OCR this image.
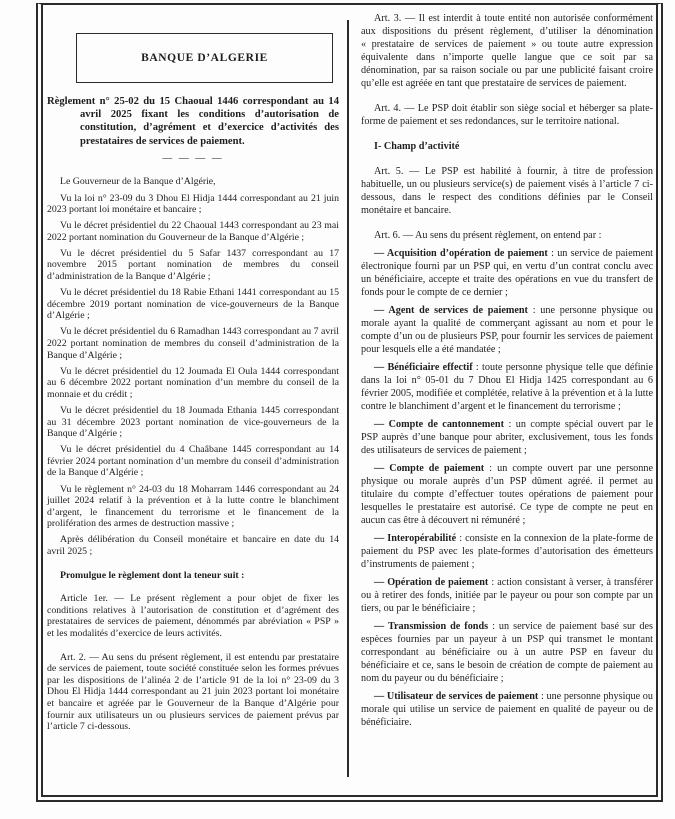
BANQUE D’ALGERIE
Règlement n° 25-02 du 15 Chaoual 1446 correspondant au 14 avril 2025 fixant les conditions d’autorisation de constitution, d’agrément et d’exercice d’activités des prestataires de services de paiement.
— — — —

Le Gouverneur de la Banque d’Algérie,

Vu la loi n° 23-09 du 3 Dhou El Hidja 1444 correspondant au 21 juin 2023 portant loi monétaire et bancaire ;

Vu le décret présidentiel du 22 Chaoual 1443 correspondant au 23 mai 2022 portant nomination du Gouverneur de la Banque d’Algérie ;

Vu le décret présidentiel du 5 Safar 1437 correspondant au 17 novembre 2015 portant nomination de membres du conseil d’administration de la Banque d’Algérie ;

Vu le décret présidentiel du 18 Rabie Ethani 1441 correspondant au 15 décembre 2019 portant nomination de vice-gouverneurs de la Banque d’Algérie ;

Vu le décret présidentiel du 6 Ramadhan 1443 correspondant au 7 avril 2022 portant nomination de membres du conseil d’administration de la Banque d’Algérie ;

Vu le décret présidentiel du 12 Joumada El Oula 1444 correspondant au 6 décembre 2022 portant nomination d’un membre du conseil de la monnaie et du crédit ;

Vu le décret présidentiel du 18 Joumada Ethania 1445 correspondant au 31 décembre 2023 portant nomination de vice-gouverneurs de la Banque d’Algérie ;

Vu le décret présidentiel du 4 Chaâbane 1445 correspondant au 14 février 2024 portant nomination d’un membre du conseil d’administration de la Banque d’Algérie ;

Vu le règlement n° 24-03 du 18 Moharram 1446 correspondant au 24 juillet 2024 relatif à la prévention et à la lutte contre le blanchiment d’argent, le financement du terrorisme et le financement de la prolifération des armes de destruction massive ;

Après délibération du Conseil monétaire et bancaire en date du 14 avril 2025 ;

Promulgue le règlement dont la teneur suit :

Article 1er. — Le présent règlement a pour objet de fixer les conditions relatives à l’autorisation de constitution et d’agrément des prestataires de services de paiement, dénommés par abréviation « PSP » et les modalités d’exercice de leurs activités.

Art. 2. — Au sens du présent règlement, il est entendu par prestataire de services de paiement, toute société constituée selon les formes prévues par les dispositions de l’alinéa 2 de l’article 91 de la loi n° 23-09 du 3 Dhou El Hidja 1444 correspondant au 21 juin 2023 portant loi monétaire et bancaire et agréée par le Gouverneur de la Banque d’Algérie pour fournir aux utilisateurs un ou plusieurs services de paiement prévus par l’article 7 ci-dessous.

Art. 3. — Il est interdit à toute entité non autorisée conformément aux dispositions du présent règlement, d’utiliser la dénomination « prestataire de services de paiement » ou toute autre expression équivalente dans n’importe quelle langue que ce soit par sa dénomination, par sa raison sociale ou par une publicité faisant croire qu’elle est agréée en tant que prestataire de services de paiement.

Art. 4. — Le PSP doit établir son siège social et héberger sa plate-forme de paiement et ses redondances, sur le territoire national.

I- Champ d’activité

Art. 5. — Le PSP est habilité à fournir, à titre de profession habituelle, un ou plusieurs service(s) de paiement visés à l’article 7 ci-dessous, dans le respect des conditions définies par le Conseil monétaire et bancaire.

Art. 6. — Au sens du présent règlement, on entend par :

— Acquisition d’opération de paiement : un service de paiement électronique fourni par un PSP qui, en vertu d’un contrat conclu avec un bénéficiaire, accepte et traite des opérations en vue du transfert de fonds pour le compte de ce dernier ;

— Agent de services de paiement : une personne physique ou morale ayant la qualité de commerçant agissant au nom et pour le compte d’un ou de plusieurs PSP, pour fournir les services de paiement pour lesquels elle a été mandatée ;

— Bénéficiaire effectif : toute personne physique telle que définie dans la loi n° 05-01 du 7 Dhou El Hidja 1425 correspondant au 6 février 2005, modifiée et complétée, relative à la prévention et à la lutte contre le blanchiment d’argent et le financement du terrorisme ;

— Compte de cantonnement : un compte spécial ouvert par le PSP auprès d’une banque pour abriter, exclusivement, tous les fonds des utilisateurs de services de paiement ;

— Compte de paiement : un compte ouvert par une personne physique ou morale auprès d’un PSP dûment agréé. il permet au titulaire du compte d’effectuer toutes opérations de paiement pour lesquelles le prestataire est autorisé. Ce type de compte ne peut en aucun cas être à découvert ni rémunéré ;

— Interopérabilité : consiste en la connexion de la plate-forme de paiement du PSP avec les plate-formes d’autorisation des émetteurs d’instruments de paiement ;

— Opération de paiement : action consistant à verser, à transférer ou à retirer des fonds, initiée par le payeur ou pour son compte par un tiers, ou par le bénéficiaire ;

— Transmission de fonds : un service de paiement basé sur des espèces fournies par un payeur à un PSP qui transmet le montant correspondant au bénéficiaire ou à un autre PSP en faveur du bénéficiaire et ce, sans le besoin de création de compte de paiement au nom du payeur ou du bénéficiaire ;

— Utilisateur de services de paiement : une personne physique ou morale qui utilise un service de paiement en qualité de payeur ou de bénéficiaire.
